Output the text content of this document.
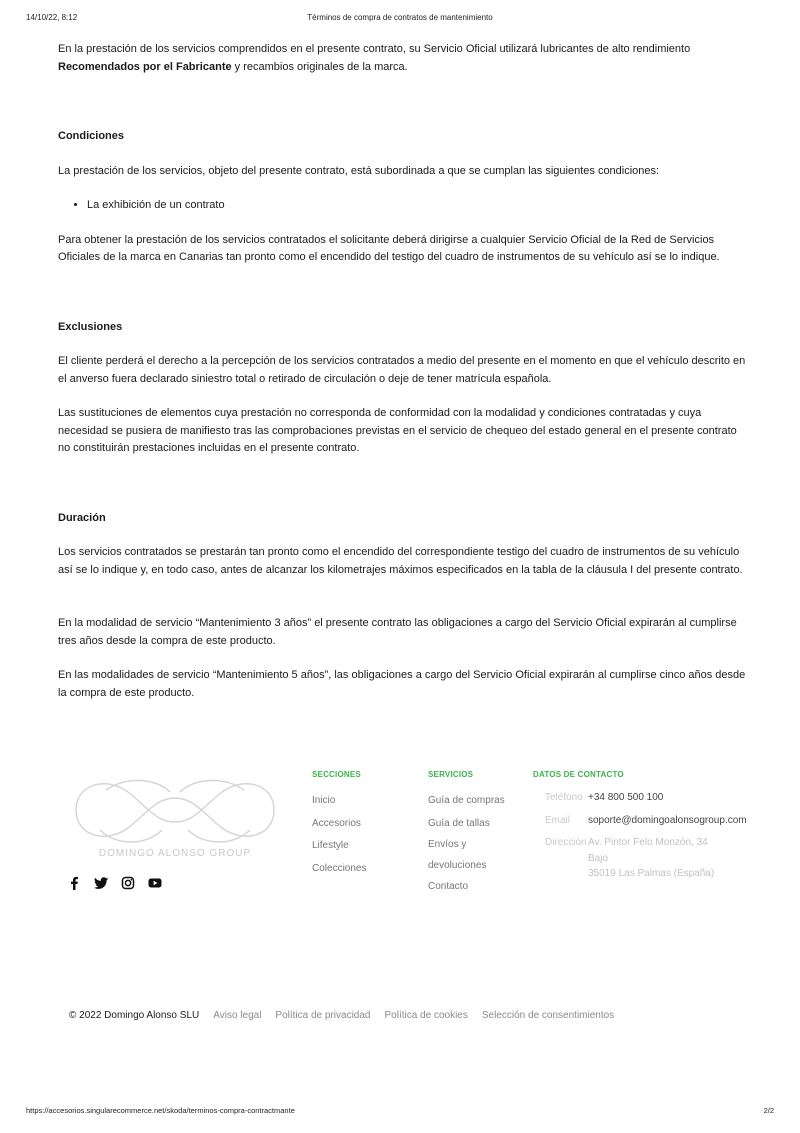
14/10/22, 8:12	Términos de compra de contratos de mantenimiento

En la prestación de los servicios comprendidos en el presente contrato, su Servicio Oficial utilizará lubricantes de alto rendimiento Recomendados por el Fabricante y recambios originales de la marca.

Condiciones

La prestación de los servicios, objeto del presente contrato, está subordinada a que se cumplan las siguientes condiciones:

• La exhibición de un contrato

Para obtener la prestación de los servicios contratados el solicitante deberá dirigirse a cualquier Servicio Oficial de la Red de Servicios Oficiales de la marca en Canarias tan pronto como el encendido del testigo del cuadro de instrumentos de su vehículo así se lo indique.

Exclusiones

El cliente perderá el derecho a la percepción de los servicios contratados a medio del presente en el momento en que el vehículo descrito en el anverso fuera declarado siniestro total o retirado de circulación o deje de tener matrícula española.

Las sustituciones de elementos cuya prestación no corresponda de conformidad con la modalidad y condiciones contratadas y cuya necesidad se pusiera de manifiesto tras las comprobaciones previstas en el servicio de chequeo del estado general en el presente contrato no constituirán prestaciones incluidas en el presente contrato.

Duración

Los servicios contratados se prestarán tan pronto como el encendido del correspondiente testigo del cuadro de instrumentos de su vehículo así se lo indique y, en todo caso, antes de alcanzar los kilometrajes máximos especificados en la tabla de la cláusula I del presente contrato.

En la modalidad de servicio “Mantenimiento 3 años” el presente contrato las obligaciones a cargo del Servicio Oficial expirarán al cumplirse tres años desde la compra de este producto.

En las modalidades de servicio “Mantenimiento 5 años”, las obligaciones a cargo del Servicio Oficial expirarán al cumplirse cinco años desde la compra de este producto.

DOMINGO ALONSO GROUP
SECCIONES
Inicio
Accesorios
Lifestyle
Colecciones
SERVICIOS
Guía de compras
Guía de tallas
Envíos y devoluciones
Contacto
DATOS DE CONTACTO
Teléfono +34 800 500 100
Email	soporte@domingoalonsogroup.com
Dirección Av. Pintor Felo Monzón, 34 Bajo
35019 Las Palmas (España)
© 2022 Domingo Alonso SLU Aviso legal Política de privacidad Política de cookies Selección de consentimientos
https://accesorios.singularecommerce.net/skoda/terminos-compra-contractmante	2/2
